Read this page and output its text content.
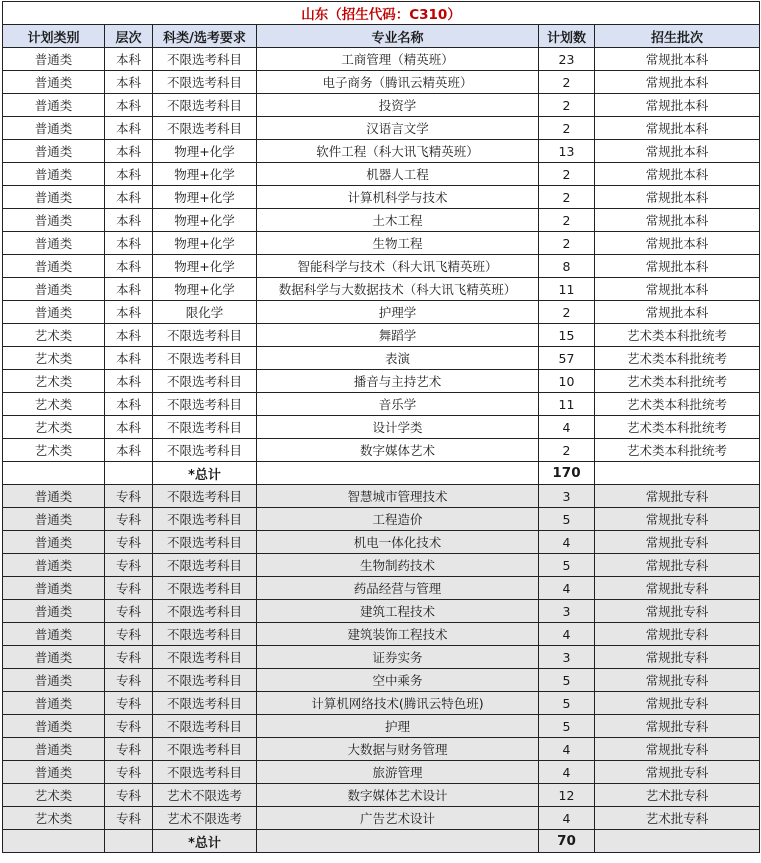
山东（招生代码：C310）					
计划类别	层次	科类/选考要求	专业名称	计划数	招生批次
普通类	本科	不限选考科目	工商管理（精英班）	23	常规批本科
普通类	本科	不限选考科目	电子商务（腾讯云精英班）	2	常规批本科
普通类	本科	不限选考科目	投资学	2	常规批本科
普通类	本科	不限选考科目	汉语言文学	2	常规批本科
普通类	本科	物理+化学	软件工程（科大讯飞精英班）	13	常规批本科
普通类	本科	物理+化学	机器人工程	2	常规批本科
普通类	本科	物理+化学	计算机科学与技术	2	常规批本科
普通类	本科	物理+化学	土木工程	2	常规批本科
普通类	本科	物理+化学	生物工程	2	常规批本科
普通类	本科	物理+化学	智能科学与技术（科大讯飞精英班）	8	常规批本科
普通类	本科	物理+化学	数据科学与大数据技术（科大讯飞精英班）	11	常规批本科
普通类	本科	限化学	护理学	2	常规批本科
艺术类	本科	不限选考科目	舞蹈学	15	艺术类本科批统考
艺术类	本科	不限选考科目	表演	57	艺术类本科批统考
艺术类	本科	不限选考科目	播音与主持艺术	10	艺术类本科批统考
艺术类	本科	不限选考科目	音乐学	11	艺术类本科批统考
艺术类	本科	不限选考科目	设计学类	4	艺术类本科批统考
艺术类	本科	不限选考科目	数字媒体艺术	2	艺术类本科批统考
		*总计		170	
普通类	专科	不限选考科目	智慧城市管理技术	3	常规批专科
普通类	专科	不限选考科目	工程造价	5	常规批专科
普通类	专科	不限选考科目	机电一体化技术	4	常规批专科
普通类	专科	不限选考科目	生物制药技术	5	常规批专科
普通类	专科	不限选考科目	药品经营与管理	4	常规批专科
普通类	专科	不限选考科目	建筑工程技术	3	常规批专科
普通类	专科	不限选考科目	建筑装饰工程技术	4	常规批专科
普通类	专科	不限选考科目	证券实务	3	常规批专科
普通类	专科	不限选考科目	空中乘务	5	常规批专科
普通类	专科	不限选考科目	计算机网络技术(腾讯云特色班)	5	常规批专科
普通类	专科	不限选考科目	护理	5	常规批专科
普通类	专科	不限选考科目	大数据与财务管理	4	常规批专科
普通类	专科	不限选考科目	旅游管理	4	常规批专科
艺术类	专科	艺术不限选考	数字媒体艺术设计	12	艺术批专科
艺术类	专科	艺术不限选考	广告艺术设计	4	艺术批专科
		*总计		70	
